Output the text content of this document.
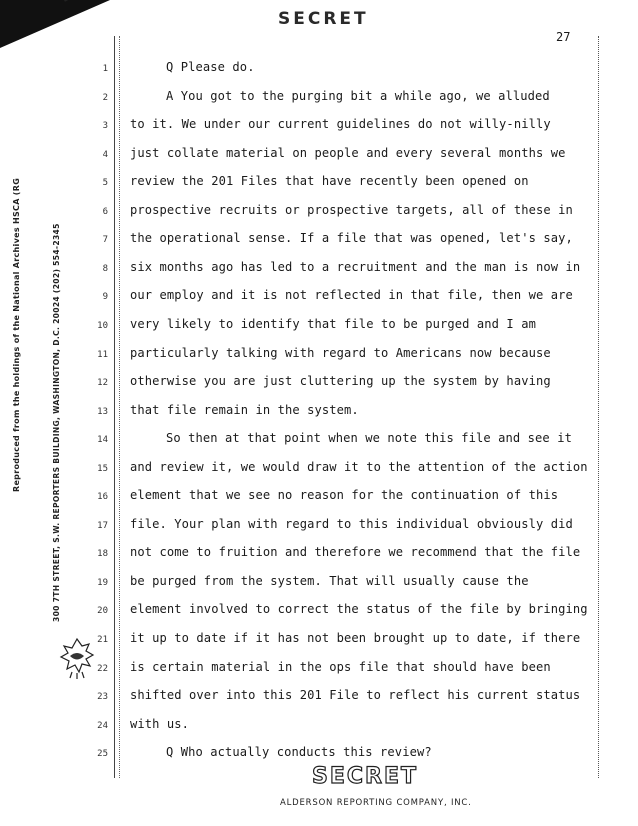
SECRET
27
Reproduced from the holdings of the National Archives HSCA (RG	300 7TH STREET, S.W. REPORTERS BUILDING, WASHINGTON, D.C. 20024 (202) 554-2345
1	Q Please do.
2	A You got to the purging bit a while ago, we alluded
3 to it. We under our current guidelines do not willy-nilly
4 just collate material on people and every several months we
5 review the 201 Files that have recently been opened on
6 prospective recruits or prospective targets, all of these in
7 the operational sense. If a file that was opened, let's say,
8 six months ago has led to a recruitment and the man is now in
9 our employ and it is not reflected in that file, then we are
10 very likely to identify that file to be purged and I am
11 particularly talking with regard to Americans now because
12 otherwise you are just cluttering up the system by having
13 that file remain in the system.
14	So then at that point when we note this file and see it
15 and review it, we would draw it to the attention of the action
16 element that we see no reason for the continuation of this
17 file. Your plan with regard to this individual obviously did
18 not come to fruition and therefore we recommend that the file
19 be purged from the system. That will usually cause the
20 element involved to correct the status of the file by bringing
21 it up to date if it has not been brought up to date, if there
22 is certain material in the ops file that should have been
23 shifted over into this 201 File to reflect his current status
24 with us.
25	Q Who actually conducts this review?
SECRET
ALDERSON REPORTING COMPANY, INC.
